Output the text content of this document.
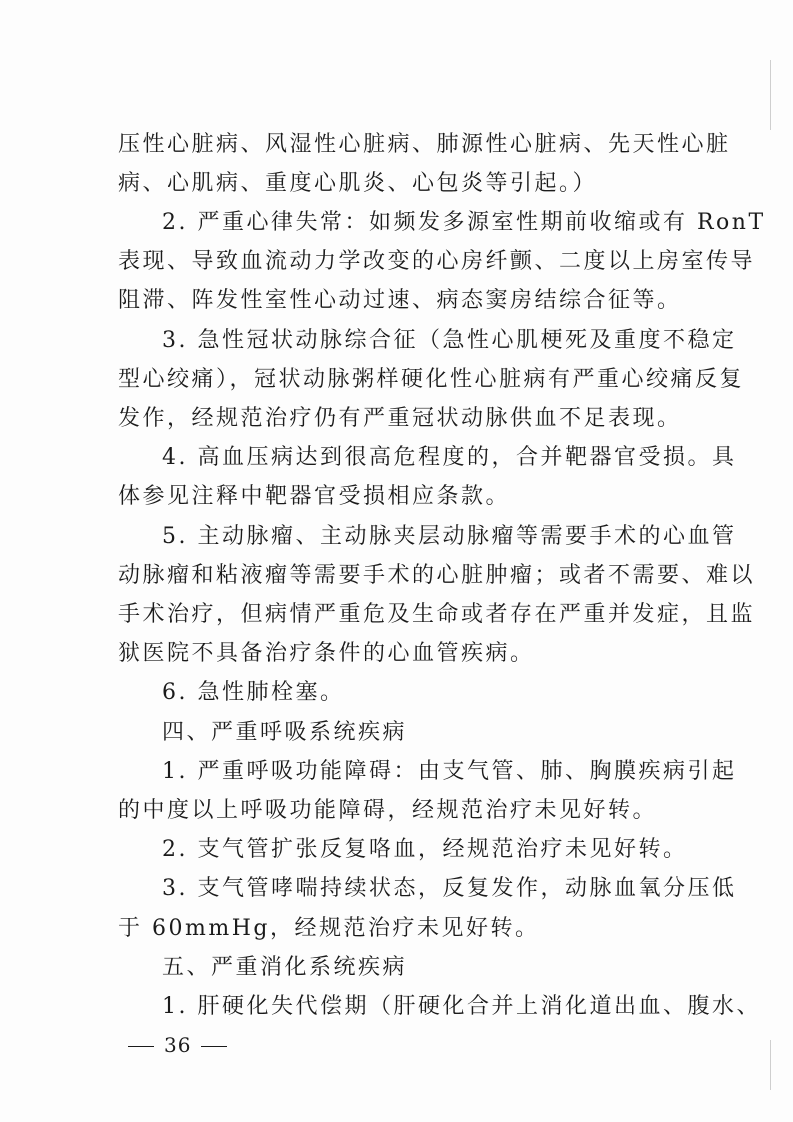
压性心脏病、风湿性心脏病、肺源性心脏病、先天性心脏
病、心肌病、重度心肌炎、心包炎等引起。）
2. 严重心律失常：如频发多源室性期前收缩或有 RonT
表现、导致血流动力学改变的心房纤颤、二度以上房室传导
阻滞、阵发性室性心动过速、病态窦房结综合征等。
3. 急性冠状动脉综合征（急性心肌梗死及重度不稳定
型心绞痛），冠状动脉粥样硬化性心脏病有严重心绞痛反复
发作，经规范治疗仍有严重冠状动脉供血不足表现。
4. 高血压病达到很高危程度的，合并靶器官受损。具
体参见注释中靶器官受损相应条款。
5. 主动脉瘤、主动脉夹层动脉瘤等需要手术的心血管
动脉瘤和粘液瘤等需要手术的心脏肿瘤；或者不需要、难以
手术治疗，但病情严重危及生命或者存在严重并发症，且监
狱医院不具备治疗条件的心血管疾病。
6. 急性肺栓塞。
四、严重呼吸系统疾病
1. 严重呼吸功能障碍：由支气管、肺、胸膜疾病引起
的中度以上呼吸功能障碍，经规范治疗未见好转。
2. 支气管扩张反复咯血，经规范治疗未见好转。
3. 支气管哮喘持续状态，反复发作，动脉血氧分压低
于 60mmHg，经规范治疗未见好转。
五、严重消化系统疾病
1. 肝硬化失代偿期（肝硬化合并上消化道出血、腹水、
36
